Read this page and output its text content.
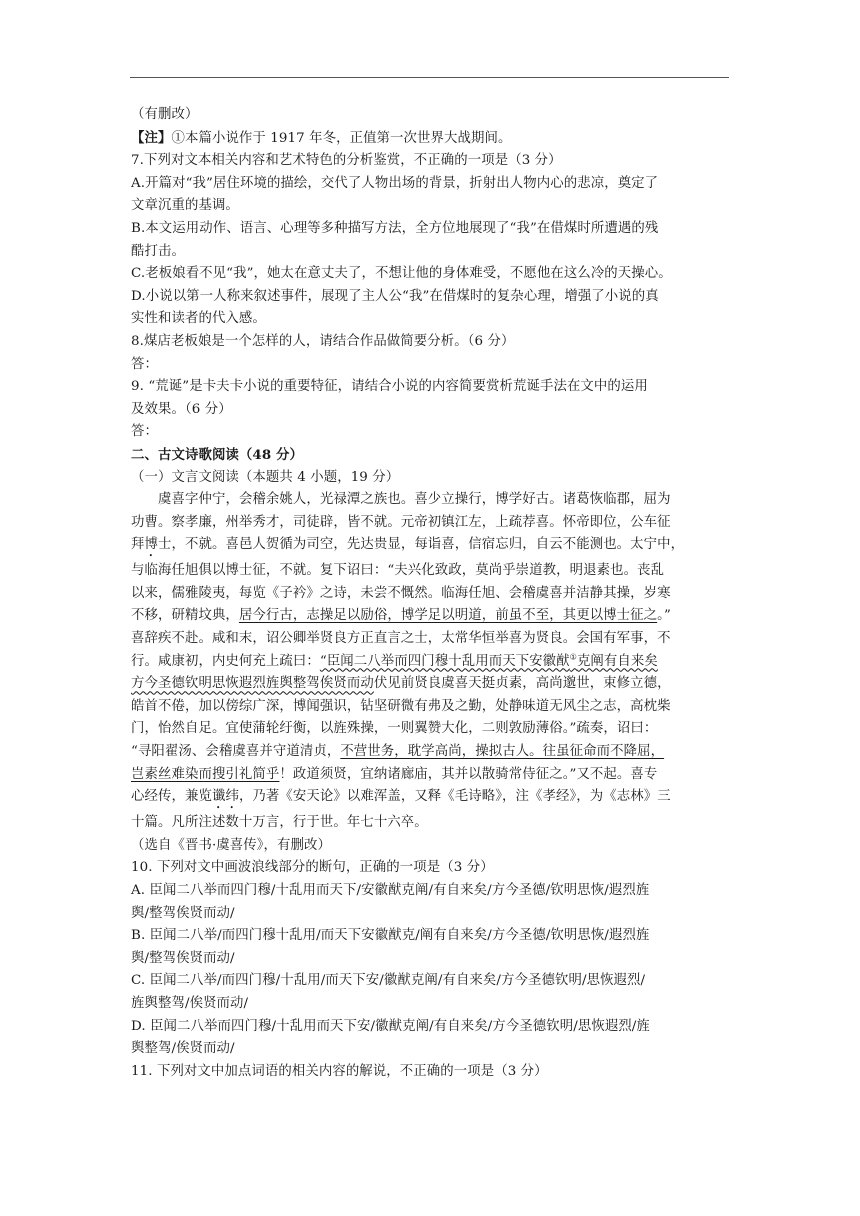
（有删改）
【注】①本篇小说作于 1917 年冬，正值第一次世界大战期间。
7.下列对文本相关内容和艺术特色的分析鉴赏，不正确的一项是（3 分）
A.开篇对“我”居住环境的描绘，交代了人物出场的背景，折射出人物内心的悲凉，奠定了
文章沉重的基调。
B.本文运用动作、语言、心理等多种描写方法，全方位地展现了“我”在借煤时所遭遇的残
酷打击。
C.老板娘看不见“我”，她太在意丈夫了，不想让他的身体难受，不愿他在这么冷的天操心。
D.小说以第一人称来叙述事件，展现了主人公“我”在借煤时的复杂心理，增强了小说的真
实性和读者的代入感。
8.煤店老板娘是一个怎样的人，请结合作品做简要分析。（6 分）
答：
9. “荒诞”是卡夫卡小说的重要特征，请结合小说的内容简要赏析荒诞手法在文中的运用
及效果。（6 分）
答：
二、古文诗歌阅读（48 分）
（一）文言文阅读（本题共 4 小题，19 分）
虞喜字仲宁，会稽余姚人，光禄潭之族也。喜少立操行，博学好古。诸葛恢临郡，屈为
功曹。察孝廉，州举秀才，司徒辟，皆不就。元帝初镇江左，上疏荐喜。怀帝即位，公车征
拜博士，不就。喜邑人贺循为司空，先达贵显，每诣喜，信宿忘归，自云不能测也。太宁中，
与临海任旭俱以博士征，不就。复下诏曰：“夫兴化致政，莫尚乎崇道教，明退素也。丧乱
以来，儒雅陵夷，每览《子衿》之诗，未尝不慨然。临海任旭、会稽虞喜并洁静其操，岁寒
不移，研精坟典，居今行古，志操足以励俗，博学足以明道，前虽不至，其更以博士征之。”
喜辞疾不赴。咸和末，诏公卿举贤良方正直言之士，太常华恒举喜为贤良。会国有军事，不
行。咸康初，内史何充上疏曰：“臣闻二八举而四门穆十乱用而天下安徽猷①克阐有自来矣
方今圣德钦明思恢遐烈旌舆整驾俟贤而动伏见前贤良虞喜天挺贞素，高尚邈世，束修立德，
皓首不倦，加以傍综广深，博闻强识，钻坚研微有弗及之勤，处静味道无风尘之志，高枕柴
门，怡然自足。宜使蒲轮纡衡，以旌殊操，一则翼赞大化，二则敦励薄俗。”疏奏，诏曰：
“寻阳翟汤、会稽虞喜并守道清贞，不营世务，耽学高尚，操拟古人。往虽征命而不降屈，
岂素丝难染而搜引礼简乎！政道须贤，宜纳诸廊庙，其并以散骑常侍征之。”又不起。喜专
心经传，兼览谶纬，乃著《安天论》以难浑盖，又释《毛诗略》，注《孝经》，为《志林》三
十篇。凡所注述数十万言，行于世。年七十六卒。
（选自《晋书·虞喜传》，有删改）
10. 下列对文中画波浪线部分的断句，正确的一项是（3 分）
A. 臣闻二八举而四门穆/十乱用而天下/安徽猷克阐/有自来矣/方今圣德/钦明思恢/遐烈旌
舆/整驾俟贤而动/
B. 臣闻二八举/而四门穆十乱用/而天下安徽猷克/阐有自来矣/方今圣德/钦明思恢/遐烈旌
舆/整驾俟贤而动/
C. 臣闻二八举/而四门穆/十乱用/而天下安/徽猷克阐/有自来矣/方今圣德钦明/思恢遐烈/
旌舆整驾/俟贤而动/
D. 臣闻二八举而四门穆/十乱用而天下安/徽猷克阐/有自来矣/方今圣德钦明/思恢遐烈/旌
舆整驾/俟贤而动/
11. 下列对文中加点词语的相关内容的解说，不正确的一项是（3 分）
